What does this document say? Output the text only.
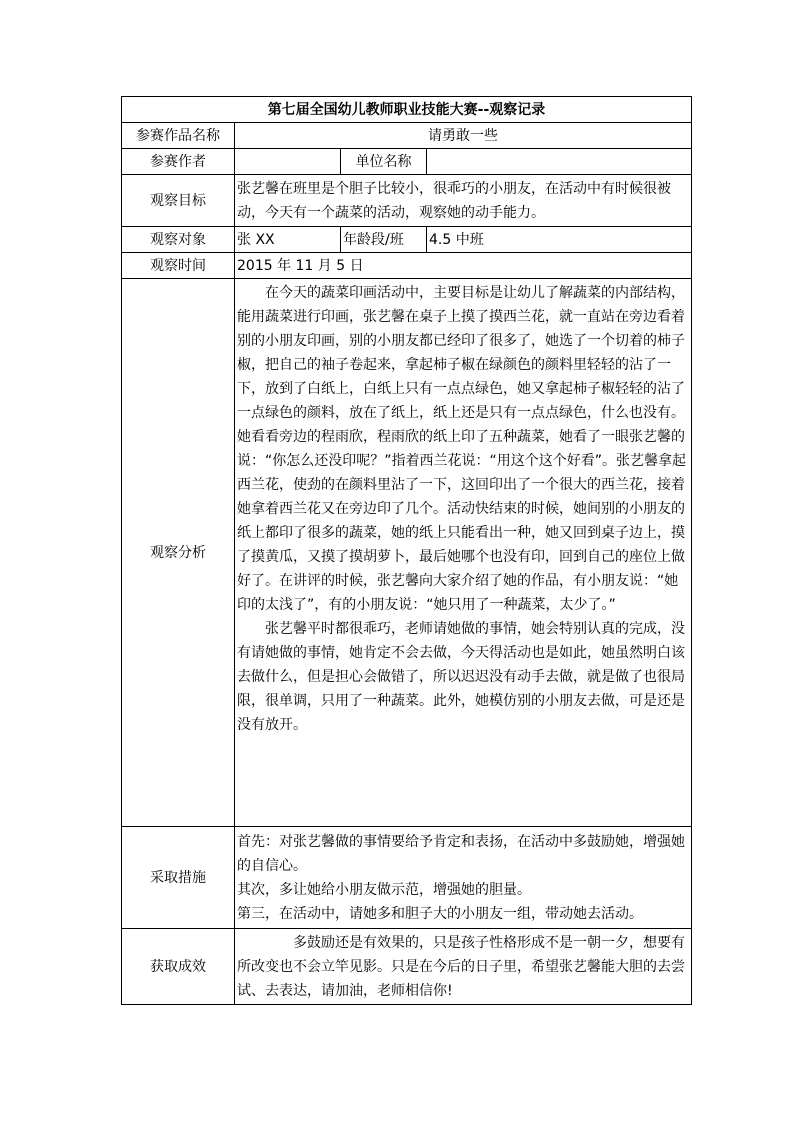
第七届全国幼儿教师职业技能大赛--观察记录			
参赛作品名称	请勇敢一些		
参赛作者		单位名称	
观察目标	张艺馨在班里是个胆子比较小，很乖巧的小朋友，在活动中有时候很被动，今天有一个蔬菜的活动，观察她的动手能力。		
观察对象	张 XX	年龄段/班	4.5 中班
观察时间	2015 年 11 月 5 日		
观察分析	在今天的蔬菜印画活动中，主要目标是让幼儿了解蔬菜的内部结构，能用蔬菜进行印画，张艺馨在桌子上摸了摸西兰花，就一直站在旁边看着别的小朋友印画，别的小朋友都已经印了很多了，她选了一个切着的柿子椒，把自己的袖子卷起来，拿起柿子椒在绿颜色的颜料里轻轻的沾了一下，放到了白纸上，白纸上只有一点点绿色，她又拿起柿子椒轻轻的沾了一点绿色的颜料，放在了纸上，纸上还是只有一点点绿色，什么也没有。她看看旁边的程雨欣，程雨欣的纸上印了五种蔬菜，她看了一眼张艺馨的说：“你怎么还没印呢？”指着西兰花说：“用这个这个好看”。张艺馨拿起西兰花，使劲的在颜料里沾了一下，这回印出了一个很大的西兰花，接着她拿着西兰花又在旁边印了几个。活动快结束的时候，她间别的小朋友的纸上都印了很多的蔬菜，她的纸上只能看出一种，她又回到桌子边上，摸了摸黄瓜，又摸了摸胡萝卜，最后她哪个也没有印，回到自己的座位上做好了。在讲评的时候，张艺馨向大家介绍了她的作品，有小朋友说：“她印的太浅了”，有的小朋友说：“她只用了一种蔬菜，太少了。”

张艺馨平时都很乖巧，老师请她做的事情，她会特别认真的完成，没有请她做的事情，她肯定不会去做，今天得活动也是如此，她虽然明白该去做什么，但是担心会做错了，所以迟迟没有动手去做，就是做了也很局限，很单调，只用了一种蔬菜。此外，她模仿别的小朋友去做，可是还是没有放开。		

采取措施	首先：对张艺馨做的事情要给予肯定和表扬，在活动中多鼓励她，增强她的自信心。

其次，多让她给小朋友做示范，增强她的胆量。

第三，在活动中，请她多和胆子大的小朋友一组，带动她去活动。		

获取成效	多鼓励还是有效果的，只是孩子性格形成不是一朝一夕，想要有所改变也不会立竿见影。只是在今后的日子里，希望张艺馨能大胆的去尝试、去表达，请加油，老师相信你!		
